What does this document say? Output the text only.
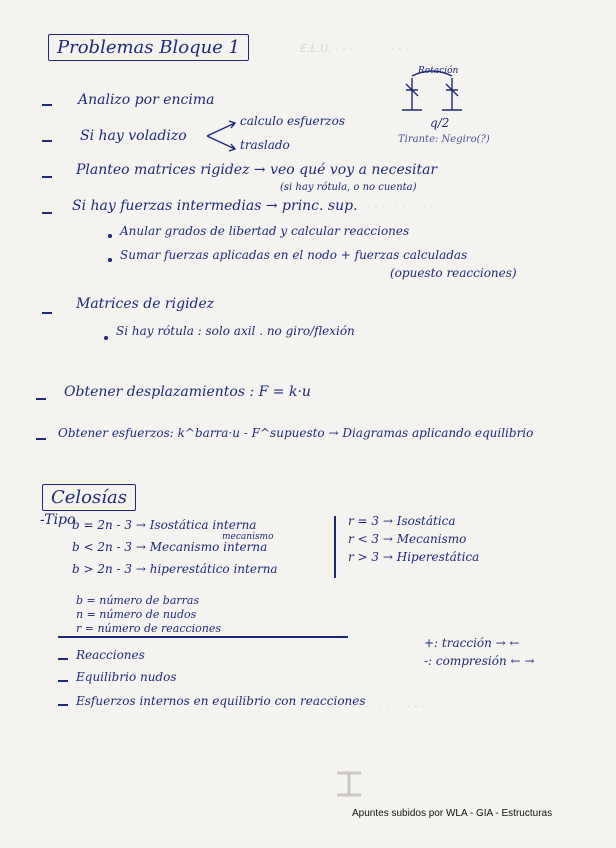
E.L.U. · · · · · · · · · · · · ·
· · · · · · · · · · ·
· · · · · · · · · · · · · · ·
Problemas Bloque 1
Analizo por encima
Si hay voladizo
calculo esfuerzos
traslado
Rotación
q/2
Tirante: Negiro(?)
Planteo matrices rigidez → veo qué voy a necesitar
(si hay rótula, o no cuenta)
Si hay fuerzas intermedias → princ. sup.
Anular grados de libertad y calcular reacciones
Sumar fuerzas aplicadas en el nodo + fuerzas calculadas
(opuesto reacciones)
Matrices de rigidez
Si hay rótula : solo axil . no giro/flexión
Obtener desplazamientos : F = k·u
Obtener esfuerzos: k^barra·u - F^supuesto → Diagramas aplicando equilibrio
Celosías
-Tipo
b = 2n - 3 → Isostática interna
b < 2n - 3 → Mecanismo interna
mecanismo
b > 2n - 3 → hiperestático interna
r = 3 → Isostática
r < 3 → Mecanismo
r > 3 → Hiperestática
b = número de barras
n = número de nudos
r = número de reacciones
Reacciones
Equilibrio nudos
Esfuerzos internos en equilibrio con reacciones
+: tracción → ←
-: compresión ← →
Apuntes subidos por WLA - GIA - Estructuras
